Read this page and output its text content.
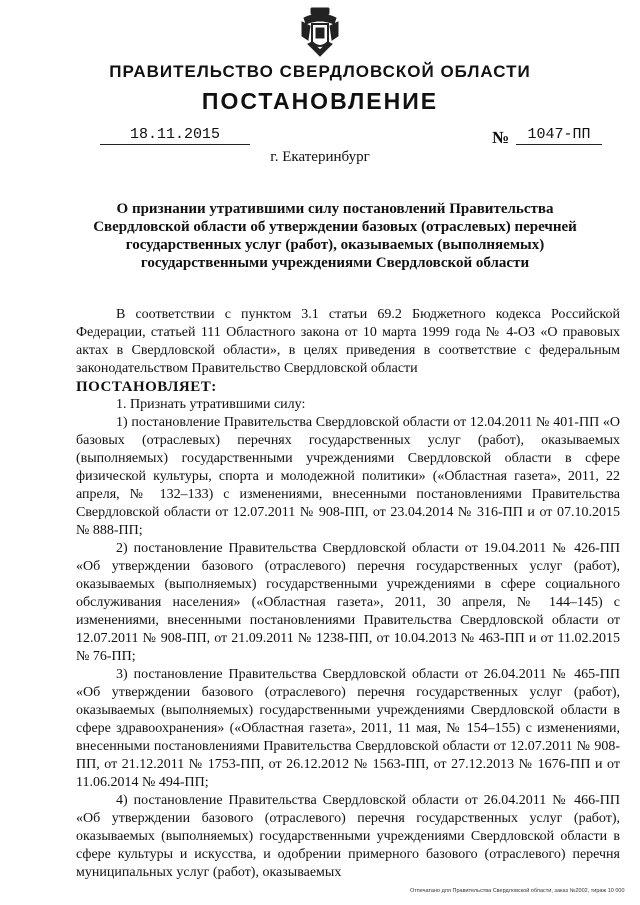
ПРАВИТЕЛЬСТВО СВЕРДЛОВСКОЙ ОБЛАСТИ
ПОСТАНОВЛЕНИЕ
18.11.2015	№	1047-ПП
г. Екатеринбург
О признании утратившими силу постановлений Правительства Свердловской области об утверждении базовых (отраслевых) перечней государственных услуг (работ), оказываемых (выполняемых) государственными учреждениями Свердловской области

В соответствии с пунктом 3.1 статьи 69.2 Бюджетного кодекса Российской Федерации, статьей 111 Областного закона от 10 марта 1999 года № 4-ОЗ «О правовых актах в Свердловской области», в целях приведения в соответствие с федеральным законодательством Правительство Свердловской области

ПОСТАНОВЛЯЕТ:

1. Признать утратившими силу:

1) постановление Правительства Свердловской области от 12.04.2011 № 401-ПП «О базовых (отраслевых) перечнях государственных услуг (работ), оказываемых (выполняемых) государственными учреждениями Свердловской области в сфере физической культуры, спорта и молодежной политики» («Областная газета», 2011, 22 апреля, № 132–133) с изменениями, внесенными постановлениями Правительства Свердловской области от 12.07.2011 № 908-ПП, от 23.04.2014 № 316-ПП и от 07.10.2015 № 888-ПП;

2) постановление Правительства Свердловской области от 19.04.2011 № 426-ПП «Об утверждении базового (отраслевого) перечня государственных услуг (работ), оказываемых (выполняемых) государственными учреждениями в сфере социального обслуживания населения» («Областная газета», 2011, 30 апреля, № 144–145) с изменениями, внесенными постановлениями Правительства Свердловской области от 12.07.2011 № 908-ПП, от 21.09.2011 № 1238-ПП, от 10.04.2013 № 463-ПП и от 11.02.2015 № 76-ПП;

3) постановление Правительства Свердловской области от 26.04.2011 № 465-ПП «Об утверждении базового (отраслевого) перечня государственных услуг (работ), оказываемых (выполняемых) государственными учреждениями Свердловской области в сфере здравоохранения» («Областная газета», 2011, 11 мая, № 154–155) с изменениями, внесенными постановлениями Правительства Свердловской области от 12.07.2011 № 908-ПП, от 21.12.2011 № 1753-ПП, от 26.12.2012 № 1563-ПП, от 27.12.2013 № 1676-ПП и от 11.06.2014 № 494-ПП;

4) постановление Правительства Свердловской области от 26.04.2011 № 466-ПП «Об утверждении базового (отраслевого) перечня государственных услуг (работ), оказываемых (выполняемых) государственными учреждениями Свердловской области в сфере культуры и искусства, и одобрении примерного базового (отраслевого) перечня муниципальных услуг (работ), оказываемых

Отпечатано для Правительства Свердловской области, заказ №2002, тираж 10 000
